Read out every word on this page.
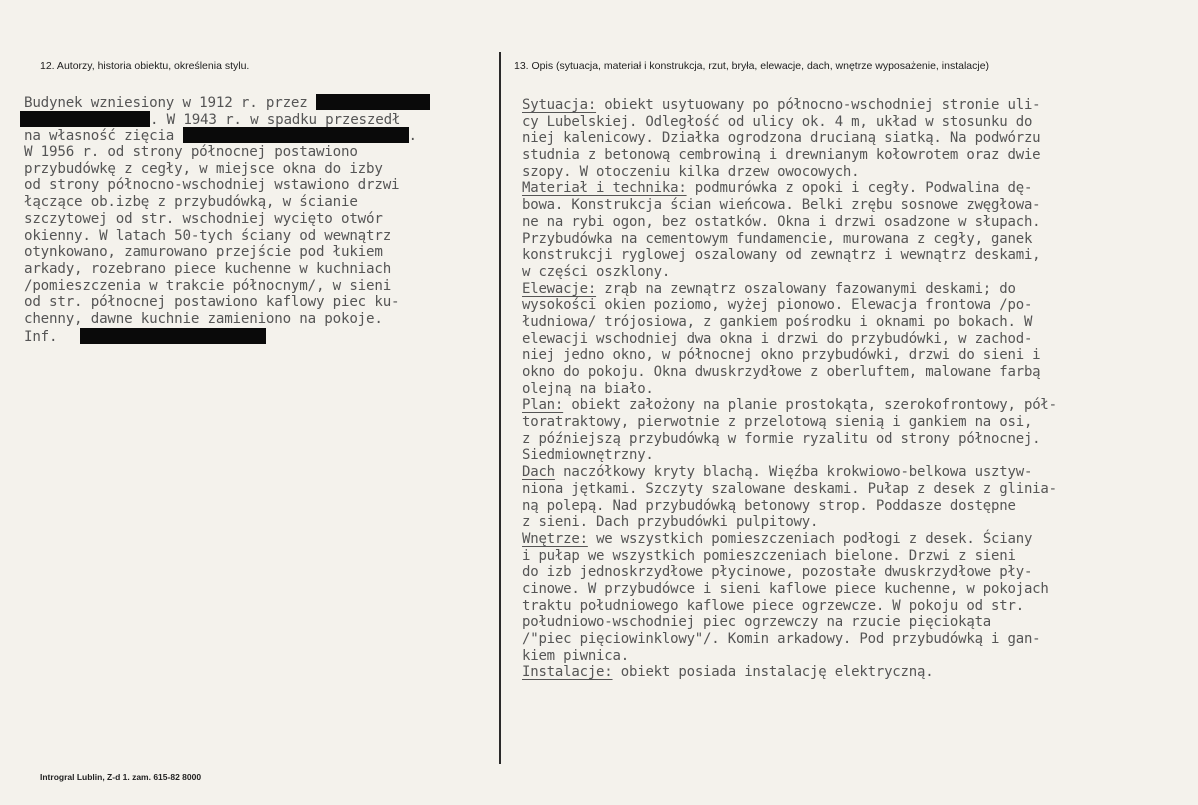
12. Autorzy, historia obiektu, określenia stylu.	13. Opis (sytuacja, materiał i konstrukcja, rzut, bryła, elewacje, dach, wnętrze wyposażenie, instalacje)
Budynek wzniesiony w 1912 r. przez
. W 1943 r. w spadku przeszedł
na własność zięcia	.
W 1956 r. od strony północnej postawiono
przybudówkę z cegły, w miejsce okna do izby
od strony północno-wschodniej wstawiono drzwi
łączące ob.izbę z przybudówką, w ścianie
szczytowej od str. wschodniej wycięto otwór
okienny. W latach 50-tych ściany od wewnątrz
otynkowano, zamurowano przejście pod łukiem
arkady, rozebrano piece kuchenne w kuchniach
/pomieszczenia w trakcie północnym/, w sieni
od str. północnej postawiono kaflowy piec ku-
chenny, dawne kuchnie zamieniono na pokoje.
Inf.
Sytuacja: obiekt usytuowany po północno-wschodniej stronie uli-
cy Lubelskiej. Odległość od ulicy ok. 4 m, układ w stosunku do
niej kalenicowy. Działka ogrodzona drucianą siatką. Na podwórzu
studnia z betonową cembrowiną i drewnianym kołowrotem oraz dwie
szopy. W otoczeniu kilka drzew owocowych.
Materiał i technika: podmurówka z opoki i cegły. Podwalina dę-
bowa. Konstrukcja ścian wieńcowa. Belki zrębu sosnowe zwęgłowa-
ne na rybi ogon, bez ostatków. Okna i drzwi osadzone w słupach.
Przybudówka na cementowym fundamencie, murowana z cegły, ganek
konstrukcji ryglowej oszalowany od zewnątrz i wewnątrz deskami,
w części oszklony.
Elewacje: zrąb na zewnątrz oszalowany fazowanymi deskami; do
wysokości okien poziomo, wyżej pionowo. Elewacja frontowa /po-
łudniowa/ trójosiowa, z gankiem pośrodku i oknami po bokach. W
elewacji wschodniej dwa okna i drzwi do przybudówki, w zachod-
niej jedno okno, w północnej okno przybudówki, drzwi do sieni i
okno do pokoju. Okna dwuskrzydłowe z oberluftem, malowane farbą
olejną na biało.
Plan: obiekt założony na planie prostokąta, szerokofrontowy, pół-
toratraktowy, pierwotnie z przelotową sienią i gankiem na osi,
z późniejszą przybudówką w formie ryzalitu od strony północnej.
Siedmiownętrzny.
Dach naczółkowy kryty blachą. Więźba krokwiowo-belkowa usztyw-
niona jętkami. Szczyty szalowane deskami. Pułap z desek z glinia-
ną polepą. Nad przybudówką betonowy strop. Poddasze dostępne
z sieni. Dach przybudówki pulpitowy.
Wnętrze: we wszystkich pomieszczeniach podłogi z desek. Ściany
i pułap we wszystkich pomieszczeniach bielone. Drzwi z sieni
do izb jednoskrzydłowe płycinowe, pozostałe dwuskrzydłowe pły-
cinowe. W przybudówce i sieni kaflowe piece kuchenne, w pokojach
traktu południowego kaflowe piece ogrzewcze. W pokoju od str.
południowo-wschodniej piec ogrzewczy na rzucie pięciokąta
/"piec pięciowinklowy"/. Komin arkadowy. Pod przybudówką i gan-
kiem piwnica.
Instalacje: obiekt posiada instalację elektryczną.
Introgral Lublin, Z-d 1. zam. 615-82 8000
